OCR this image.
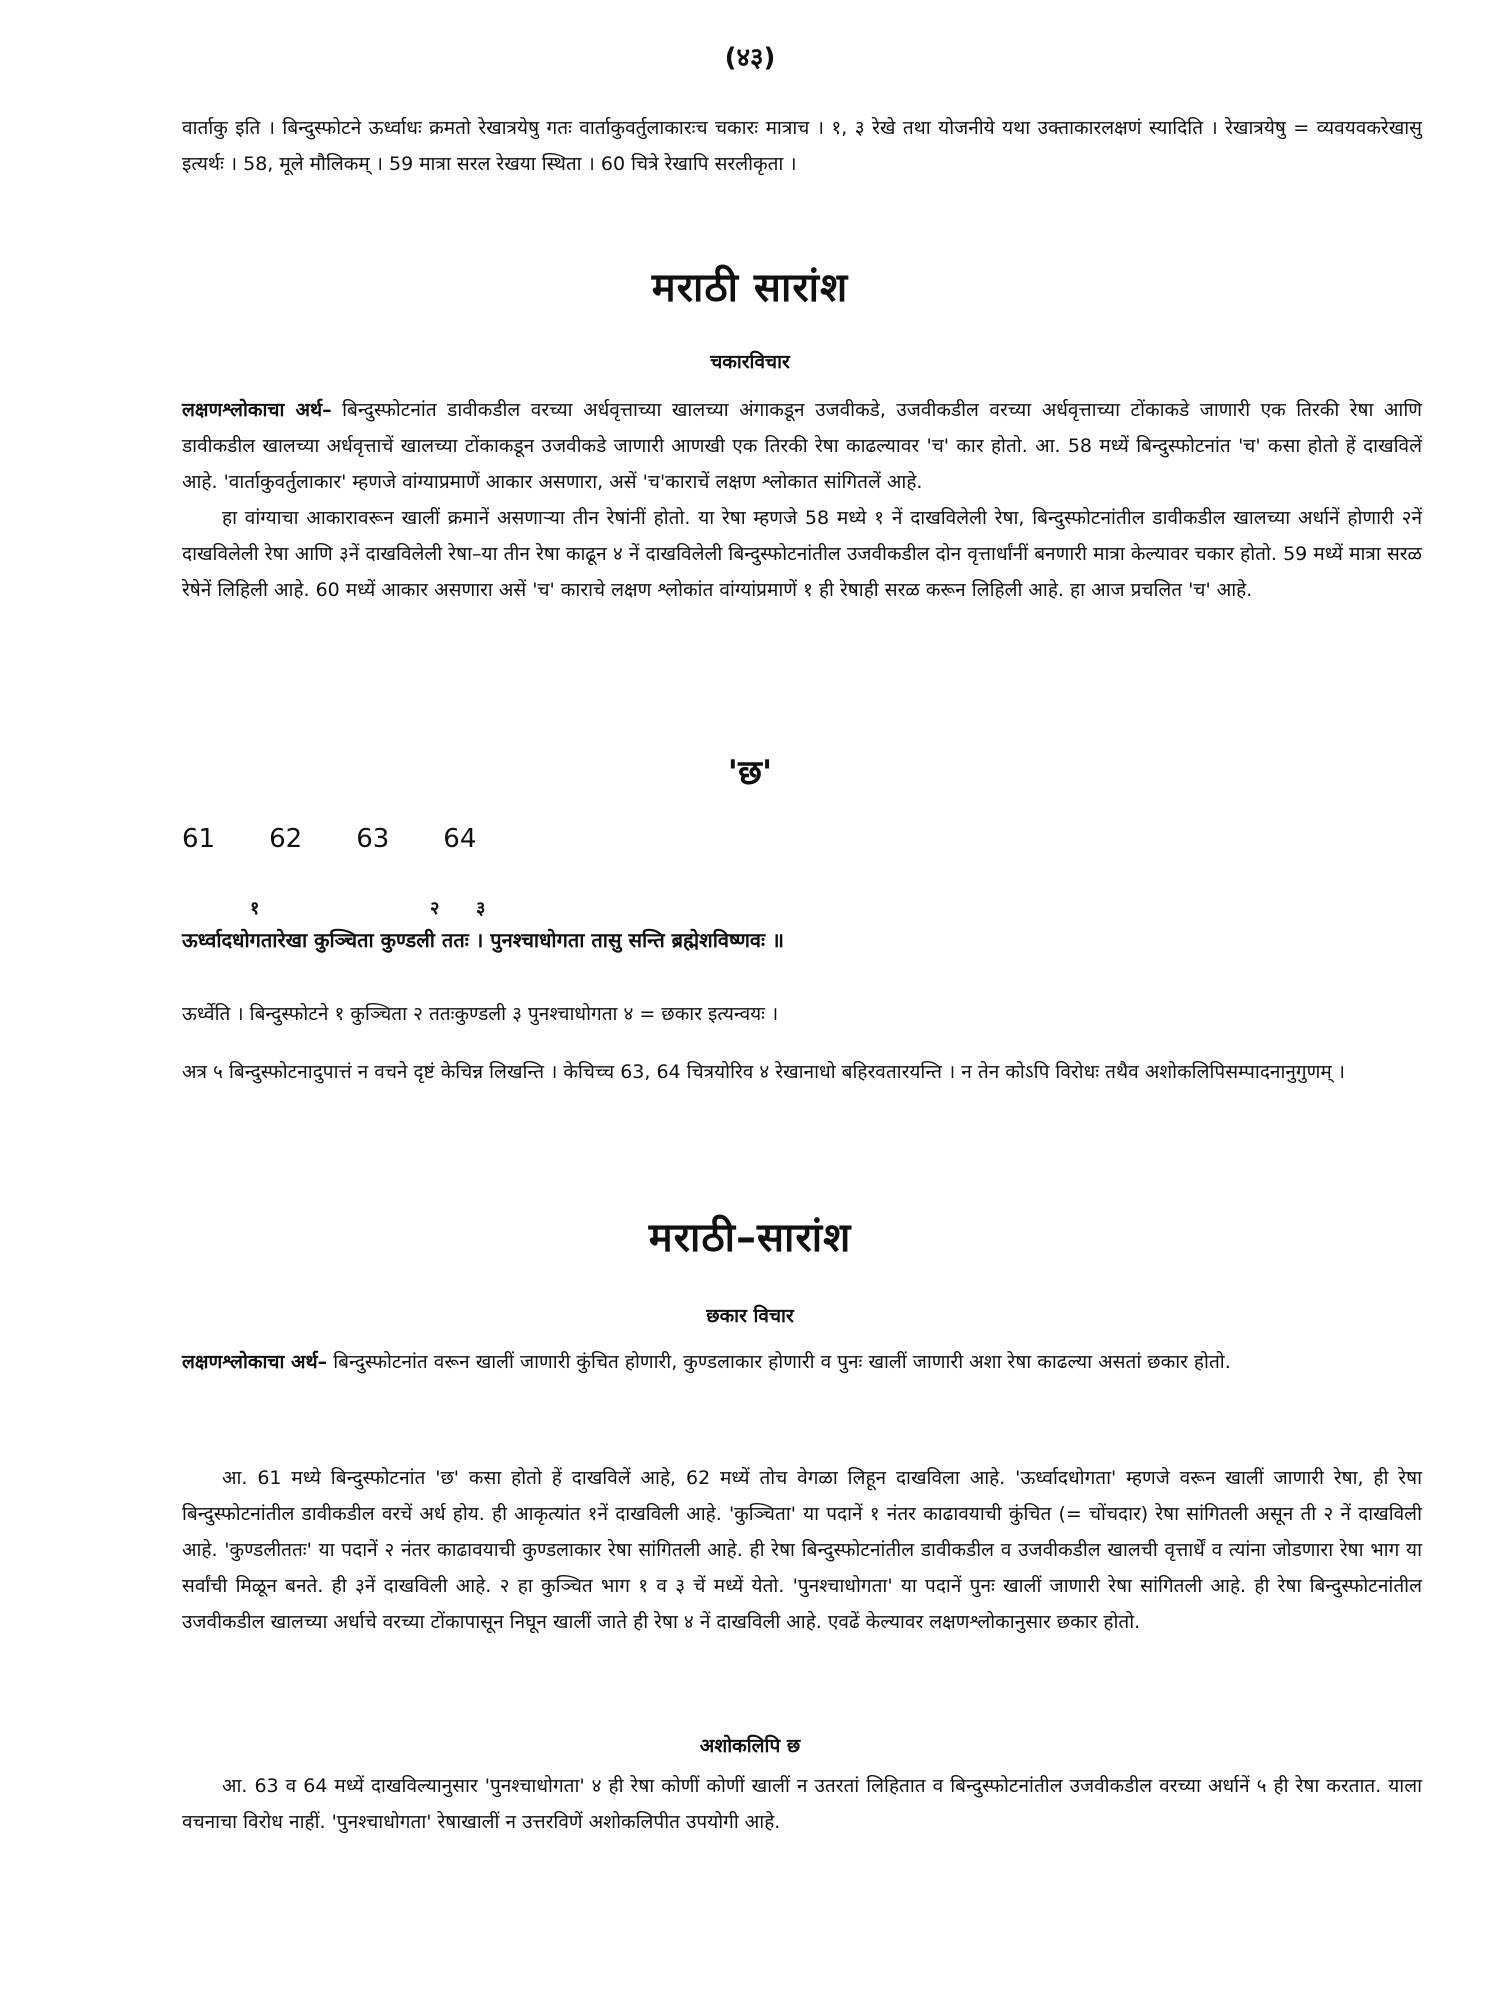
(४३)
वार्ताकु इति । बिन्दुस्फोटने ऊर्ध्वाधः क्रमतो रेखात्रयेषु गतः वार्ताकुवर्तुलाकारःच चकारः मात्राच । १, ३ रेखे तथा योजनीये यथा उक्ताकारलक्षणं स्यादिति । रेखात्रयेषु = व्यवयवकरेखासु इत्यर्थः । 58, मूले मौलिकम् । 59 मात्रा सरल रेखया स्थिता । 60 चित्रे रेखापि सरलीकृता ।
मराठी सारांश
चकारविचार

लक्षणश्लोकाचा अर्थ– बिन्दुस्फोटनांत डावीकडील वरच्या अर्धवृत्ताच्या खालच्या अंगाकडून उजवीकडे, उजवीकडील वरच्या अर्धवृत्ताच्या टोंकाकडे जाणारी एक तिरकी रेषा आणि डावीकडील खालच्या अर्धवृत्ताचें खालच्या टोंकाकडून उजवीकडे जाणारी आणखी एक तिरकी रेषा काढल्यावर 'च' कार होतो. आ. 58 मध्यें बिन्दुस्फोटनांत 'च' कसा होतो हें दाखविलें आहे. 'वार्ताकुवर्तुलाकार' म्हणजे वांग्याप्रमाणें आकार असणारा, असें 'च'काराचें लक्षण श्लोकात सांगितलें आहे.

हा वांग्याचा आकारावरून खालीं क्रमानें असणाऱ्या तीन रेषांनीं होतो. या रेषा म्हणजे 58 मध्ये १ नें दाखविलेली रेषा, बिन्दुस्फोटनांतील डावीकडील खालच्या अर्धानें होणारी २नें दाखविलेली रेषा आणि ३नें दाखविलेली रेषा–या तीन रेषा काढून ४ नें दाखविलेली बिन्दुस्फोटनांतील उजवीकडील दोन वृत्तार्धांनीं बनणारी मात्रा केल्यावर चकार होतो. 59 मध्यें मात्रा सरळ रेषेनें लिहिली आहे. 60 मध्यें आकार असणारा असें 'च' काराचे लक्षण श्लोकांत वांग्यांप्रमाणें १ ही रेषाही सरळ करून लिहिली आहे. हा आज प्रचलित 'च' आहे.

'छ'
61 62 63 64
१	२ ३
ऊर्ध्वादधोगतारेखा कुञ्चिता कुण्डली ततः । पुनश्चाधोगता तासु सन्ति ब्रह्मेशविष्णवः ॥
ऊर्ध्वेति । बिन्दुस्फोटने १ कुञ्चिता २ ततःकुण्डली ३ पुनश्चाधोगता ४ = छकार इत्यन्वयः ।
अत्र ५ बिन्दुस्फोटनादुपात्तं न वचने दृष्टं केचिन्न लिखन्ति । केचिच्च 63, 64 चित्रयोरिव ४ रेखानाधो बहिरवतारयन्ति । न तेन कोऽपि विरोधः तथैव अशोकलिपिसम्पादनानुगुणम् ।
मराठी–सारांश
छकार विचार

लक्षणश्लोकाचा अर्थ– बिन्दुस्फोटनांत वरून खालीं जाणारी कुंचित होणारी, कुण्डलाकार होणारी व पुनः खालीं जाणारी अशा रेषा काढल्या असतां छकार होतो.

आ. 61 मध्ये बिन्दुस्फोटनांत 'छ' कसा होतो हें दाखविलें आहे, 62 मध्यें तोच वेगळा लिहून दाखविला आहे. 'ऊर्ध्वादधोगता' म्हणजे वरून खालीं जाणारी रेषा, ही रेषा बिन्दुस्फोटनांतील डावीकडील वरचें अर्ध होय. ही आकृत्यांत १नें दाखविली आहे. 'कुञ्चिता' या पदानें १ नंतर काढावयाची कुंचित (= चोंचदार) रेषा सांगितली असून ती २ नें दाखविली आहे. 'कुण्डलीततः' या पदानें २ नंतर काढावयाची कुण्डलाकार रेषा सांगितली आहे. ही रेषा बिन्दुस्फोटनांतील डावीकडील व उजवीकडील खालची वृत्तार्धें व त्यांना जोडणारा रेषा भाग या सर्वांची मिळून बनते. ही ३नें दाखविली आहे. २ हा कुञ्चित भाग १ व ३ चें मध्यें येतो. 'पुनश्चाधोगता' या पदानें पुनः खालीं जाणारी रेषा सांगितली आहे. ही रेषा बिन्दुस्फोटनांतील उजवीकडील खालच्या अर्धाचे वरच्या टोंकापासून निघून खालीं जाते ही रेषा ४ नें दाखविली आहे. एवढें केल्यावर लक्षणश्लोकानुसार छकार होतो.
अशोकलिपि छ
आ. 63 व 64 मध्यें दाखविल्यानुसार 'पुनश्चाधोगता' ४ ही रेषा कोणीं कोणीं खालीं न उतरतां लिहितात व बिन्दुस्फोटनांतील उजवीकडील वरच्या अर्धानें ५ ही रेषा करतात. याला वचनाचा विरोध नाहीं. 'पुनश्चाधोगता' रेषाखालीं न उत्तरविणें अशोकलिपीत उपयोगी आहे.
